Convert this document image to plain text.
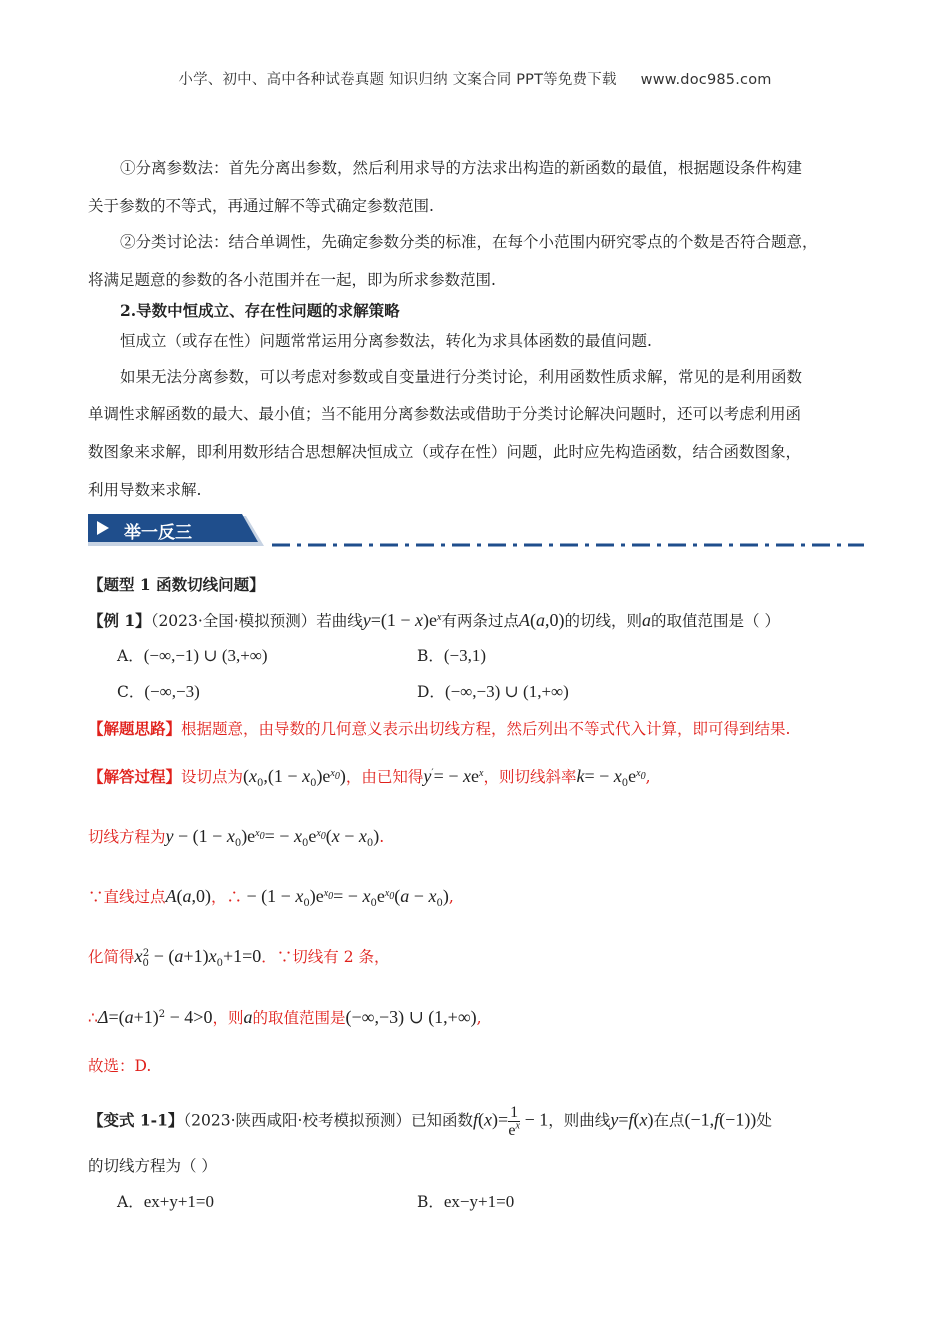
小学、初中、高中各种试卷真题 知识归纳 文案合同 PPT等免费下载 www.doc985.com
①分离参数法：首先分离出参数，然后利用求导的方法求出构造的新函数的最值，根据题设条件构建
关于参数的不等式，再通过解不等式确定参数范围.
②分类讨论法：结合单调性，先确定参数分类的标准，在每个小范围内研究零点的个数是否符合题意，
将满足题意的参数的各小范围并在一起，即为所求参数范围.
2.导数中恒成立、存在性问题的求解策略
恒成立（或存在性）问题常常运用分离参数法，转化为求具体函数的最值问题.
如果无法分离参数，可以考虑对参数或自变量进行分类讨论，利用函数性质求解，常见的是利用函数
单调性求解函数的最大、最小值；当不能用分离参数法或借助于分类讨论解决问题时，还可以考虑利用函
数图象来求解，即利用数形结合思想解决恒成立（或存在性）问题，此时应先构造函数，结合函数图象，
利用导数来求解.
举一反三
【题型 1 函数切线问题】
【例 1】（2023·全国·模拟预测）若曲线$y=(1 - x)e^x$有两条过点A(a,0)的切线，则a的取值范围是（ ）
A．(−∞,−1) ∪ (3,+∞)	B．(−3,1)
C．(−∞,−3)	D．(−∞,−3) ∪ (1,+∞)
【解题思路】根据题意，由导数的几何意义表示出切线方程，然后列出不等式代入计算，即可得到结果.
【解答过程】设切点为$(x_0,(1 - x_0)e^{x_0})$，由已知得$y'= - xe^x$，则切线斜率$k= - x_0e^{x_0}$,
切线方程为$y - (1 - x_0)e^{x_0}= - x_0e^{x_0}(x - x_0)$.
∵直线过点A(a,0)，∴ − $(1 - x_0)e^{x_0}= - x_0e^{x_0}(a - x_0)$,
化简得$x_0^2 - (a+1)x_0+1=0$．∵切线有 2 条，
$\therefore\Delta=(a+1)^2 - 4>0$，则a的取值范围是(−∞,−3) ∪ (1,+∞),
故选：D.
【变式 1-1】（2023·陕西咸阳·校考模拟预测）已知函数$f(x)= \frac{1}{e^x} - 1$，则曲线y=f(x)在点(−1,f(−1))处
的切线方程为（ ）
A．ex+y+1=0	B．ex−y+1=0
